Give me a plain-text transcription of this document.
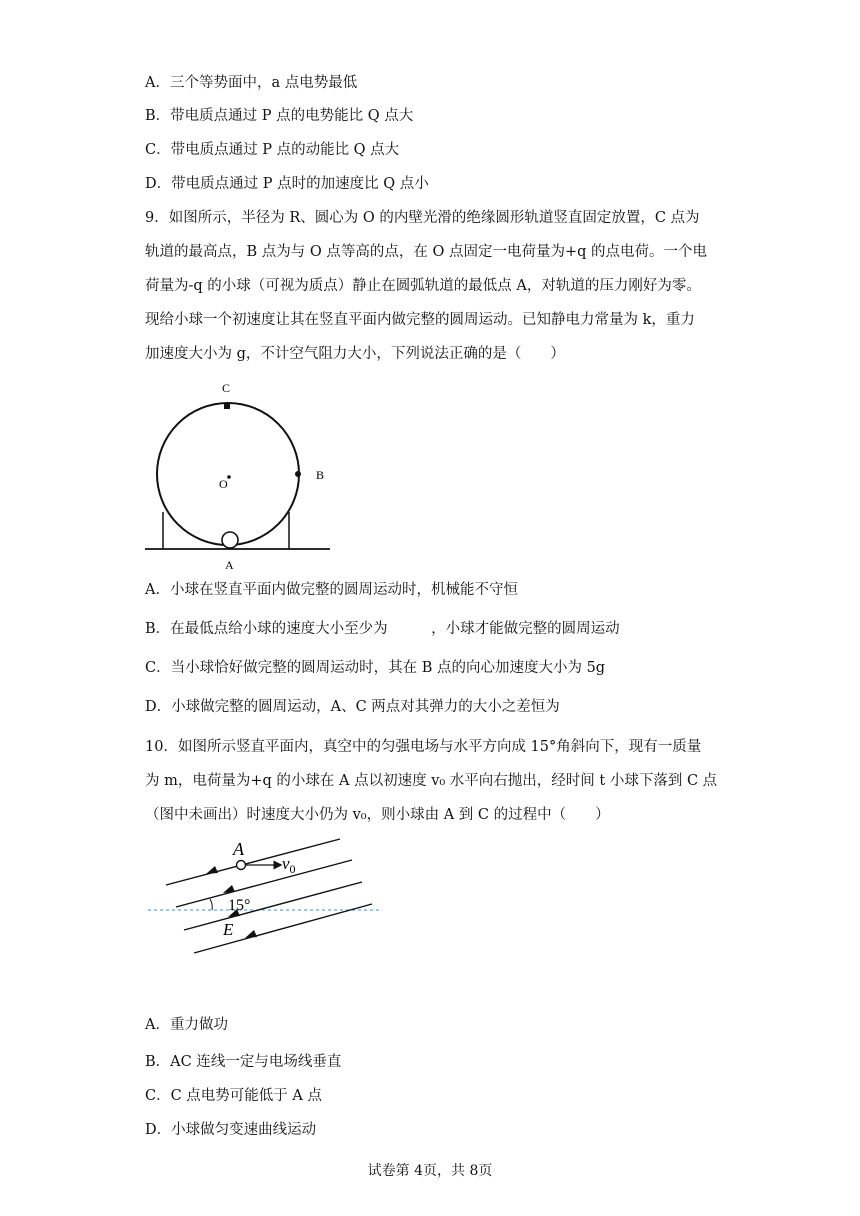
A．三个等势面中，a 点电势最低
B．带电质点通过 P 点的电势能比 Q 点大
C．带电质点通过 P 点的动能比 Q 点大
D．带电质点通过 P 点时的加速度比 Q 点小
9．如图所示，半径为 R、圆心为 O 的内壁光滑的绝缘圆形轨道竖直固定放置，C 点为
轨道的最高点，B 点为与 O 点等高的点，在 O 点固定一电荷量为+q 的点电荷。一个电
荷量为-q 的小球（可视为质点）静止在圆弧轨道的最低点 A，对轨道的压力刚好为零。
现给小球一个初速度让其在竖直平面内做完整的圆周运动。已知静电力常量为 k，重力
加速度大小为 g，不计空气阻力大小，下列说法正确的是（　　）
C
B
O
A
A．小球在竖直平面内做完整的圆周运动时，机械能不守恒
B．在最低点给小球的速度大小至少为　　　，小球才能做完整的圆周运动
C．当小球恰好做完整的圆周运动时，其在 B 点的向心加速度大小为 5g
D．小球做完整的圆周运动，A、C 两点对其弹力的大小之差恒为
10．如图所示竖直平面内，真空中的匀强电场与水平方向成 15°角斜向下，现有一质量
为 m，电荷量为+q 的小球在 A 点以初速度 v₀ 水平向右抛出，经时间 t 小球下落到 C 点
（图中未画出）时速度大小仍为 v₀，则小球由 A 到 C 的过程中（　　）
A
$v_0$
15°
E
A．重力做功
B．AC 连线一定与电场线垂直
C．C 点电势可能低于 A 点
D．小球做匀变速曲线运动
试卷第 4页，共 8页
